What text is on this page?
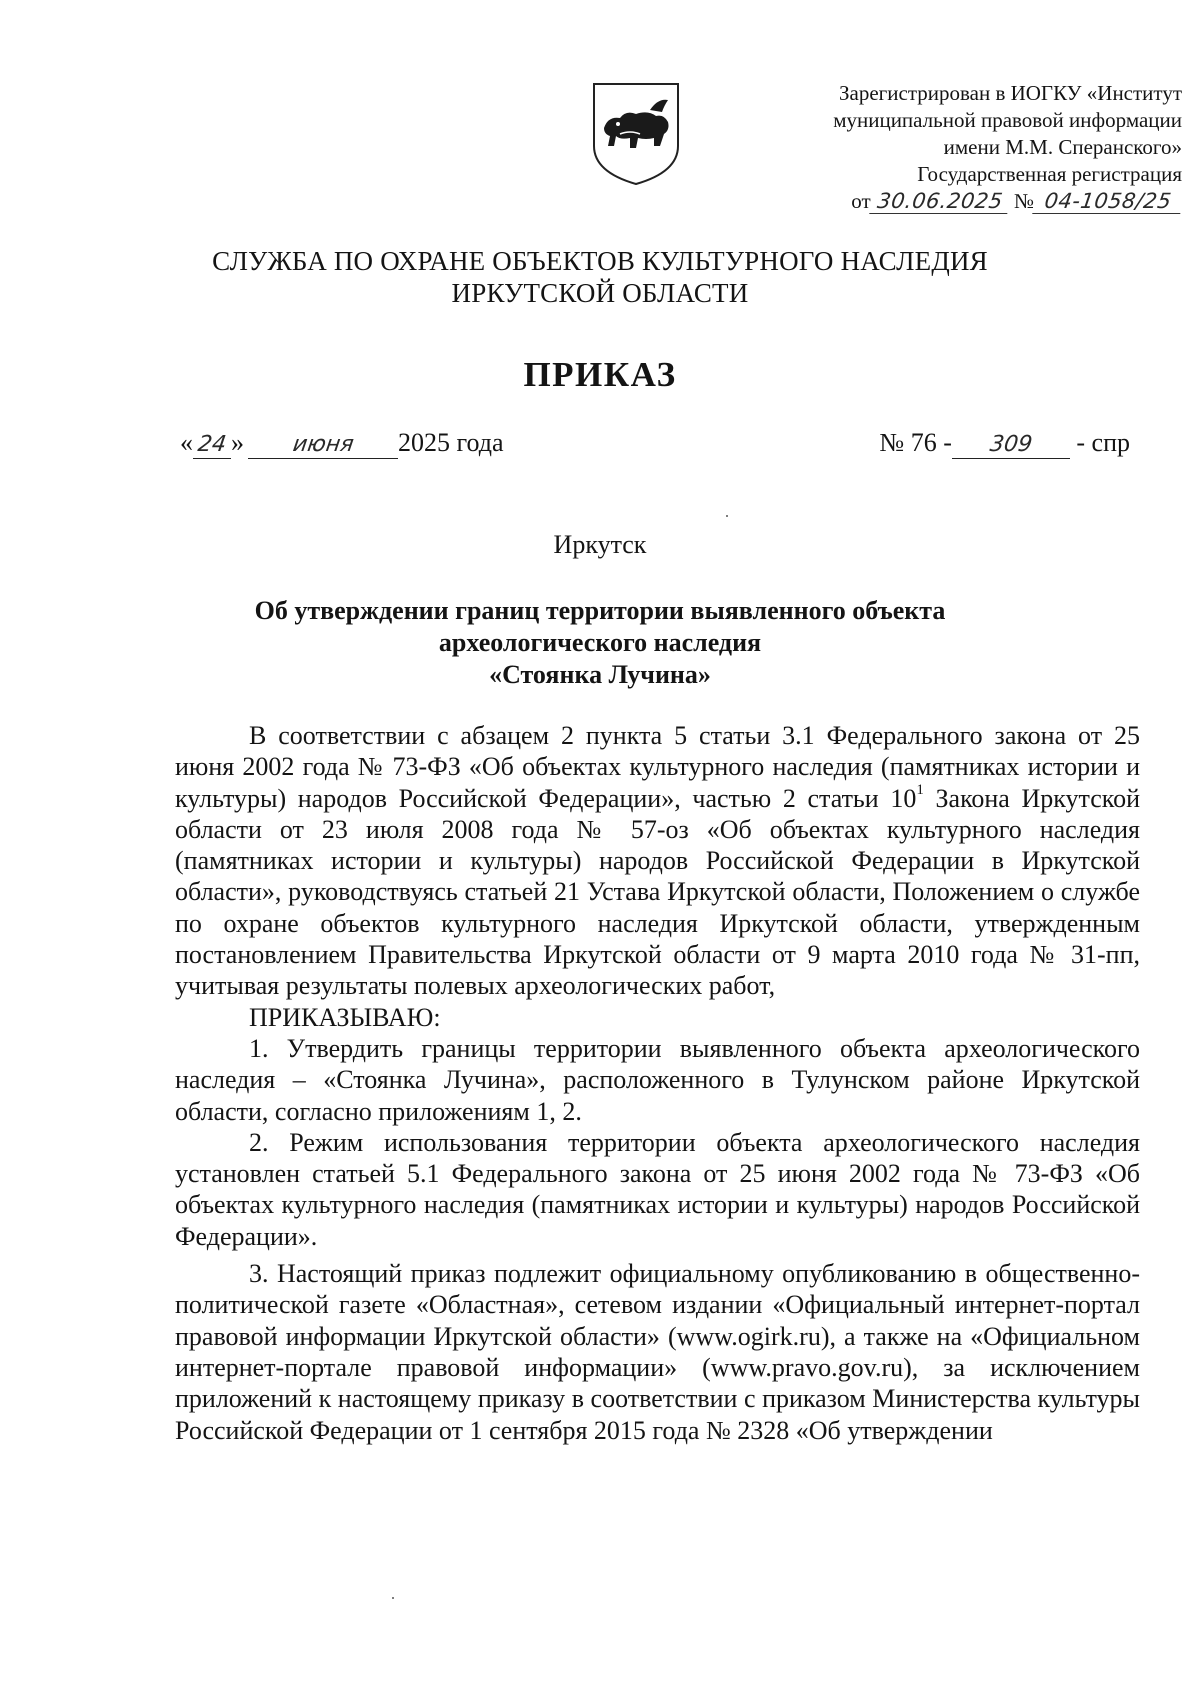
Зарегистрирован в ИОГКУ «Институт
муниципальной правовой информации
имени М.М. Сперанского»
Государственная регистрация
от 30.06.2025 № 04-1058/25
СЛУЖБА ПО ОХРАНЕ ОБЪЕКТОВ КУЛЬТУРНОГО НАСЛЕДИЯ
ИРКУТСКОЙ ОБЛАСТИ
ПРИКАЗ
« 24 » июня 2025 года	№ 76 - 309 - спр
Иркутск
Об утверждении границ территории выявленного объекта
археологического наследия
«Стоянка Лучина»

В соответствии с абзацем 2 пункта 5 статьи 3.1 Федерального закона от 25 июня 2002 года № 73-ФЗ «Об объектах культурного наследия (памятниках истории и культуры) народов Российской Федерации», частью 2 статьи $10^1$ Закона Иркутской области от 23 июля 2008 года № 57-оз «Об объектах культурного наследия (памятниках истории и культуры) народов Российской Федерации в Иркутской области», руководствуясь статьей 21 Устава Иркутской области, Положением о службе по охране объектов культурного наследия Иркутской области, утвержденным постановлением Правительства Иркутской области от 9 марта 2010 года № 31-пп, учитывая результаты полевых археологических работ,

ПРИКАЗЫВАЮ:

1. Утвердить границы территории выявленного объекта археологического наследия – «Стоянка Лучина», расположенного в Тулунском районе Иркутской области, согласно приложениям 1, 2.

2. Режим использования территории объекта археологического наследия установлен статьей 5.1 Федерального закона от 25 июня 2002 года № 73-ФЗ «Об объектах культурного наследия (памятниках истории и культуры) народов Российской Федерации».

3. Настоящий приказ подлежит официальному опубликованию в общественно-политической газете «Областная», сетевом издании «Официальный интернет-портал правовой информации Иркутской области» (www.ogirk.ru), а также на «Официальном интернет-портале правовой информации» (www.pravo.gov.ru), за исключением приложений к настоящему приказу в соответствии с приказом Министерства культуры Российской Федерации от 1 сентября 2015 года № 2328 «Об утверждении
